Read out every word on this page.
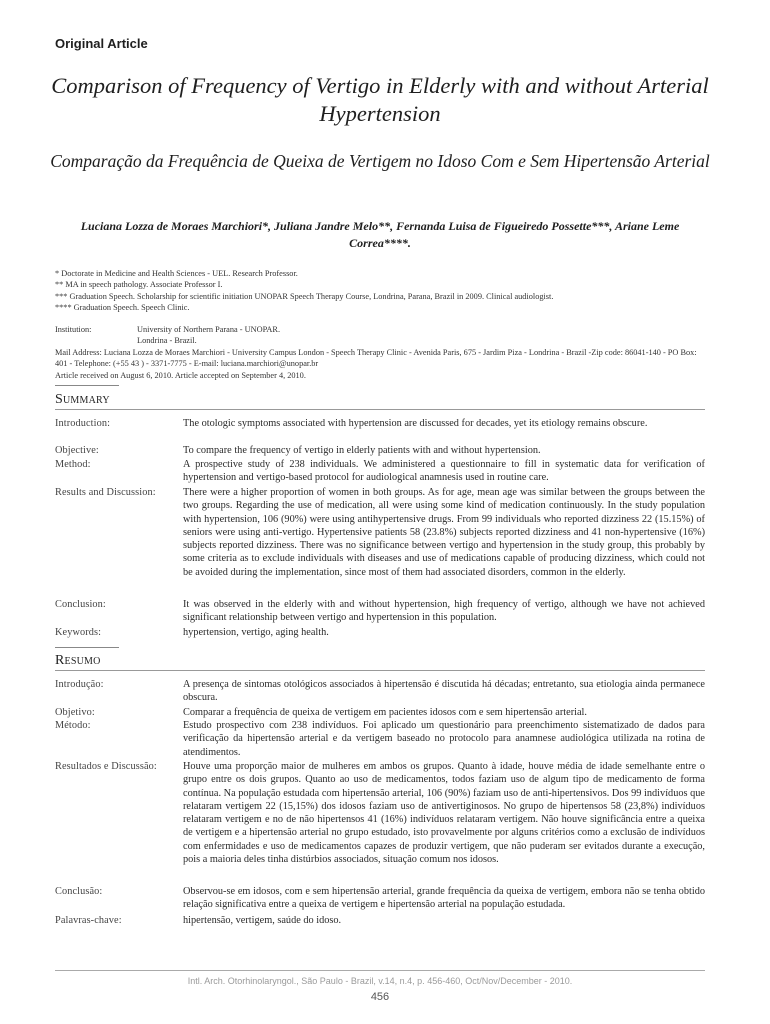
Original Article
Comparison of Frequency of Vertigo in Elderly with and without Arterial Hypertension
Comparação da Frequência de Queixa de Vertigem no Idoso Com e Sem Hipertensão Arterial
Luciana Lozza de Moraes Marchiori*, Juliana Jandre Melo**, Fernanda Luisa de Figueiredo Possette***, Ariane Leme Correa****.
* Doctorate in Medicine and Health Sciences - UEL. Research Professor.
** MA in speech pathology. Associate Professor I.
*** Graduation Speech. Scholarship for scientific initiation UNOPAR Speech Therapy Course, Londrina, Parana, Brazil in 2009. Clinical audiologist.
**** Graduation Speech. Speech Clinic.
Institution:	University of Northern Parana - UNOPAR.
Londrina - Brazil.
Mail Address: Luciana Lozza de Moraes Marchiori - University Campus London - Speech Therapy Clinic - Avenida Paris, 675 - Jardim Piza - Londrina - Brazil -Zip code: 86041-140 - PO Box: 401 - Telephone: (+55 43 ) - 3371-7775 - E-mail: luciana.marchiori@unopar.br
Article received on August 6, 2010. Article accepted on September 4, 2010.
Summary
Introduction:	The otologic symptoms associated with hypertension are discussed for decades, yet its etiology remains obscure.
Objective:	To compare the frequency of vertigo in elderly patients with and without hypertension.
Method:	A prospective study of 238 individuals. We administered a questionnaire to fill in systematic data for verification of hypertension and vertigo-based protocol for audiological anamnesis used in routine care.
Results and Discussion:	There were a higher proportion of women in both groups. As for age, mean age was similar between the groups between the two groups. Regarding the use of medication, all were using some kind of medication continuously. In the study population with hypertension, 106 (90%) were using antihypertensive drugs. From 99 individuals who reported dizziness 22 (15.15%) of seniors were using anti-vertigo. Hypertensive patients 58 (23.8%) subjects reported dizziness and 41 non-hypertensive (16%) subjects reported dizziness. There was no significance between vertigo and hypertension in the study group, this probably by some criteria as to exclude individuals with diseases and use of medications capable of producing dizziness, which could not be avoided during the implementation, since most of them had associated disorders, common in the elderly.
Conclusion:	It was observed in the elderly with and without hypertension, high frequency of vertigo, although we have not achieved significant relationship between vertigo and hypertension in this population.
Keywords:	hypertension, vertigo, aging health.
Resumo
Introdução:	A presença de sintomas otológicos associados à hipertensão é discutida há décadas; entretanto, sua etiologia ainda permanece obscura.
Objetivo:	Comparar a frequência de queixa de vertigem em pacientes idosos com e sem hipertensão arterial.
Método:	Estudo prospectivo com 238 indivíduos. Foi aplicado um questionário para preenchimento sistematizado de dados para verificação da hipertensão arterial e da vertigem baseado no protocolo para anamnese audiológica utilizada na rotina de atendimentos.
Resultados e Discussão:	Houve uma proporção maior de mulheres em ambos os grupos. Quanto à idade, houve média de idade semelhante entre o grupo entre os dois grupos. Quanto ao uso de medicamentos, todos faziam uso de algum tipo de medicamento de forma contínua. Na população estudada com hipertensão arterial, 106 (90%) faziam uso de anti-hipertensivos. Dos 99 indivíduos que relataram vertigem 22 (15,15%) dos idosos faziam uso de antivertiginosos. No grupo de hipertensos 58 (23,8%) indivíduos relataram vertigem e no de não hipertensos 41 (16%) indivíduos relataram vertigem. Não houve significância entre a queixa de vertigem e a hipertensão arterial no grupo estudado, isto provavelmente por alguns critérios como a exclusão de indivíduos com enfermidades e uso de medicamentos capazes de produzir vertigem, que não puderam ser evitados durante a execução, pois a maioria deles tinha distúrbios associados, situação comum nos idosos.
Conclusão:	Observou-se em idosos, com e sem hipertensão arterial, grande frequência da queixa de vertigem, embora não se tenha obtido relação significativa entre a queixa de vertigem e hipertensão arterial na população estudada.
Palavras-chave:	hipertensão, vertigem, saúde do idoso.
Intl. Arch. Otorhinolaryngol., São Paulo - Brazil, v.14, n.4, p. 456-460, Oct/Nov/December - 2010.
456
